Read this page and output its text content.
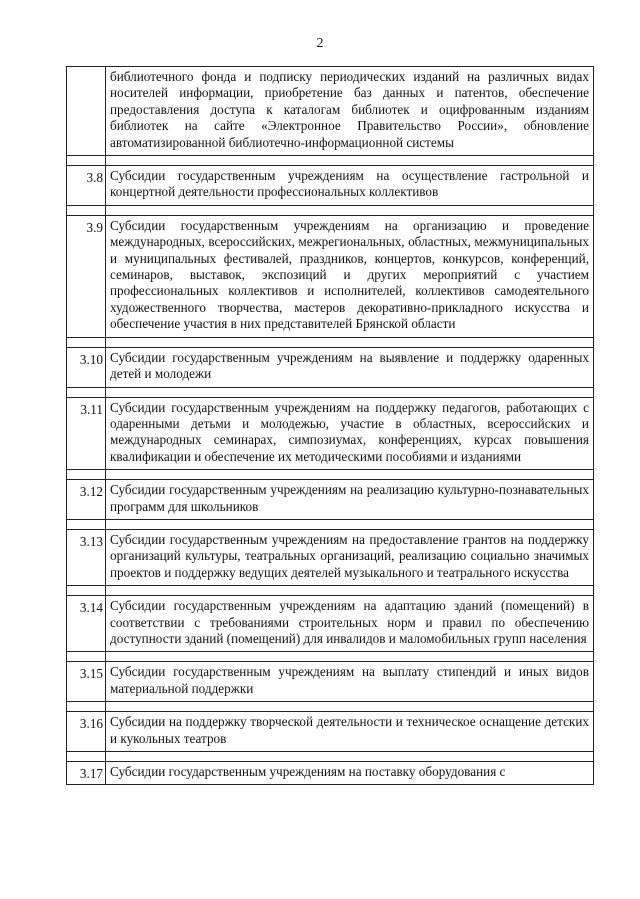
2
	библиотечного фонда и подписку периодических изданий на различных видах носителей информации, приобретение баз данных и патентов, обеспечение предоставления доступа к каталогам библиотек и оцифрованным изданиям библиотек на сайте «Электронное Правительство России», обновление автоматизированной библиотечно-информационной системы

3.8	Субсидии государственным учреждениям на осуществление гастрольной и концертной деятельности профессиональных коллективов

3.9	Субсидии государственным учреждениям на организацию и проведение международных, всероссийских, межрегиональных, областных, межмуниципальных и муниципальных фестивалей, праздников, концертов, конкурсов, конференций, семинаров, выставок, экспозиций и других мероприятий с участием профессиональных коллективов и исполнителей, коллективов самодеятельного художественного творчества, мастеров декоративно-прикладного искусства и обеспечение участия в них представителей Брянской области

3.10	Субсидии государственным учреждениям на выявление и поддержку одаренных детей и молодежи

3.11	Субсидии государственным учреждениям на поддержку педагогов, работающих с одаренными детьми и молодежью, участие в областных, всероссийских и международных семинарах, симпозиумах, конференциях, курсах повышения квалификации и обеспечение их методическими пособиями и изданиями

3.12	Субсидии государственным учреждениям на реализацию культурно-познавательных программ для школьников

3.13	Субсидии государственным учреждениям на предоставление грантов на поддержку организаций культуры, театральных организаций, реализацию социально значимых проектов и поддержку ведущих деятелей музыкального и театрального искусства

3.14	Субсидии государственным учреждениям на адаптацию зданий (помещений) в соответствии с требованиями строительных норм и правил по обеспечению доступности зданий (помещений) для инвалидов и маломобильных групп населения

3.15	Субсидии государственным учреждениям на выплату стипендий и иных видов материальной поддержки

3.16	Субсидии на поддержку творческой деятельности и техническое оснащение детских и кукольных театров

3.17	Субсидии государственным учреждениям на поставку оборудования с
